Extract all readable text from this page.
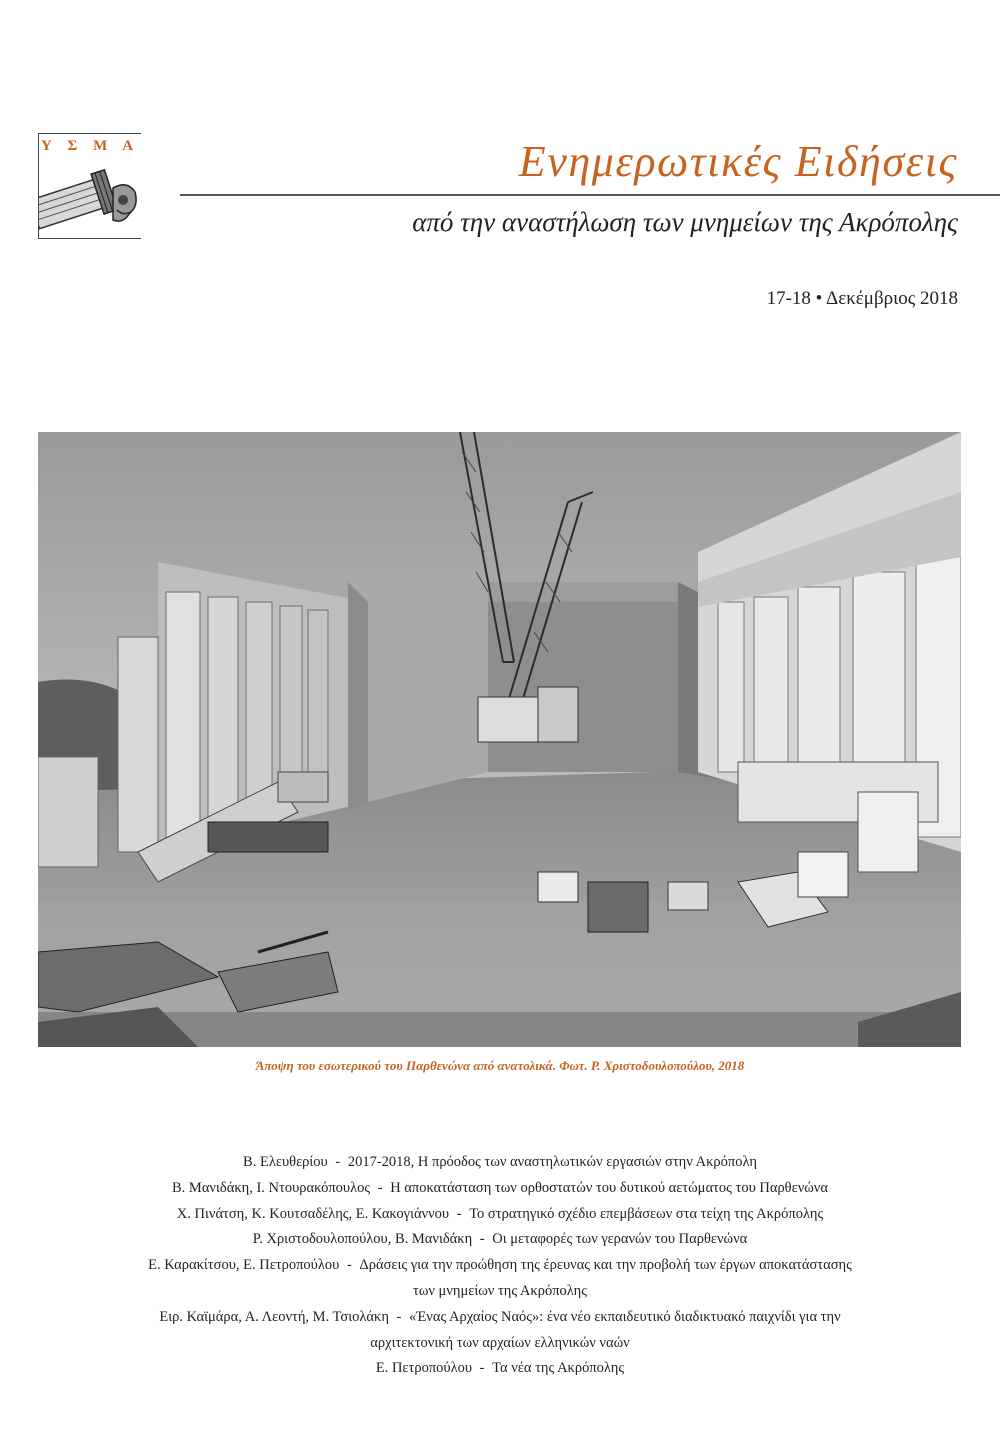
Υ Σ Μ Α	Ενημερωτικές Ειδήσεις
από την αναστήλωση των μνημείων της Ακρόπολης
17-18 • Δεκέμβριος 2018
Άποψη του εσωτερικού του Παρθενώνα από ανατολικά. Φωτ. Ρ. Χριστοδουλοπούλου, 2018
Β. Ελευθερίου - 2017-2018, Η πρόοδος των αναστηλωτικών εργασιών στην Ακρόπολη
Β. Μανιδάκη, Ι. Ντουρακόπουλος - Η αποκατάσταση των ορθοστατών του δυτικού αετώματος του Παρθενώνα
Χ. Πινάτση, Κ. Κουτσαδέλης, Ε. Κακογιάννου - Το στρατηγικό σχέδιο επεμβάσεων στα τείχη της Ακρόπολης
Ρ. Χριστοδουλοπούλου, Β. Μανιδάκη - Οι μεταφορές των γερανών του Παρθενώνα
Ε. Καρακίτσου, Ε. Πετροπούλου - Δράσεις για την προώθηση της έρευνας και την προβολή των έργων αποκατάστασης
των μνημείων της Ακρόπολης
Ειρ. Καϊμάρα, Α. Λεοντή, Μ. Τσιολάκη - «Ένας Αρχαίος Ναός»: ένα νέο εκπαιδευτικό διαδικτυακό παιχνίδι για την
αρχιτεκτονική των αρχαίων ελληνικών ναών
Ε. Πετροπούλου - Τα νέα της Ακρόπολης
